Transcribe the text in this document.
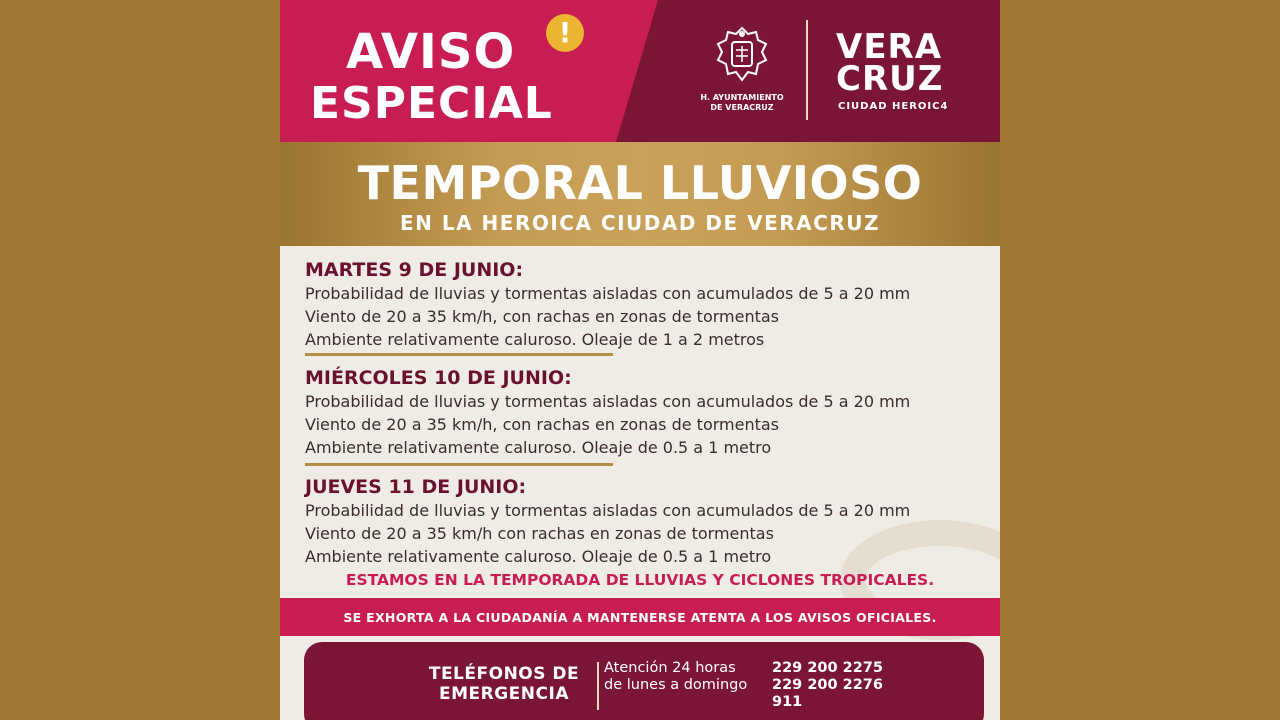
AVISO	!
ESPECIAL	H. AYUNTAMIENTO
DE VERACRUZ
VERA
CRUZ
CIUDAD HEROIC4
TEMPORAL LLUVIOSO
EN LA HEROICA CIUDAD DE VERACRUZ
MARTES 9 DE JUNIO:
Probabilidad de lluvias y tormentas aisladas con acumulados de 5 a 20 mm
Viento de 20 a 35 km/h, con rachas en zonas de tormentas
Ambiente relativamente caluroso. Oleaje de 1 a 2 metros
MIÉRCOLES 10 DE JUNIO:
Probabilidad de lluvias y tormentas aisladas con acumulados de 5 a 20 mm
Viento de 20 a 35 km/h, con rachas en zonas de tormentas
Ambiente relativamente caluroso. Oleaje de 0.5 a 1 metro
JUEVES 11 DE JUNIO:
Probabilidad de lluvias y tormentas aisladas con acumulados de 5 a 20 mm
Viento de 20 a 35 km/h con rachas en zonas de tormentas
Ambiente relativamente caluroso. Oleaje de 0.5 a 1 metro
ESTAMOS EN LA TEMPORADA DE LLUVIAS Y CICLONES TROPICALES.
SE EXHORTA A LA CIUDADANÍA A MANTENERSE ATENTA A LOS AVISOS OFICIALES.
TELÉFONOS DE
EMERGENCIA
Atención 24 horas
de lunes a domingo
229 200 2275
229 200 2276
911
